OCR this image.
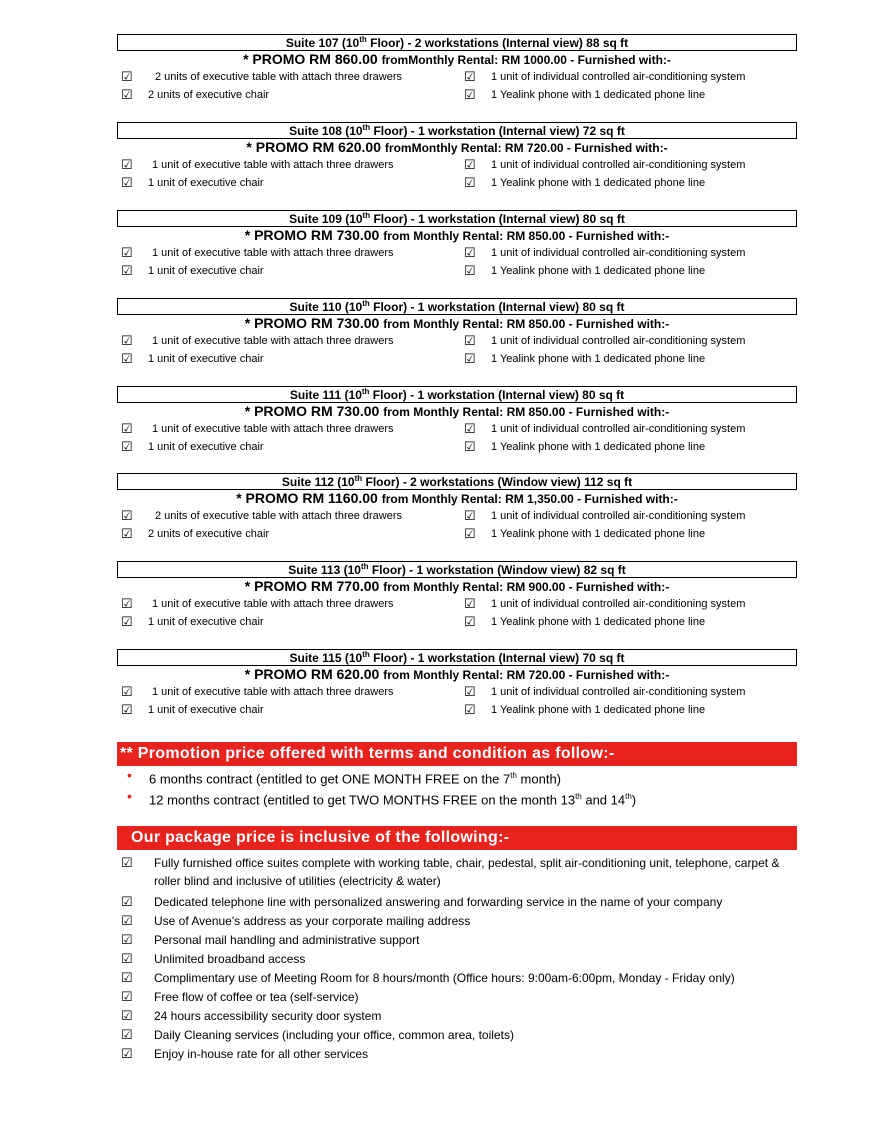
Suite 107 (10th Floor) - 2 workstations (Internal view) 88 sq ft
* PROMO RM 860.00 fromMonthly Rental: RM 1000.00 - Furnished with:-
☑ 2 units of executive table with attach three drawers
☑ 2 units of executive chair
☑ 1 unit of individual controlled air-conditioning system
☑ 1 Yealink phone with 1 dedicated phone line
Suite 108 (10th Floor) - 1 workstation (Internal view) 72 sq ft
* PROMO RM 620.00 fromMonthly Rental: RM 720.00 - Furnished with:-
☑ 1 unit of executive table with attach three drawers
☑ 1 unit of executive chair
☑ 1 unit of individual controlled air-conditioning system
☑ 1 Yealink phone with 1 dedicated phone line
Suite 109 (10th Floor) - 1 workstation (Internal view) 80 sq ft
* PROMO RM 730.00 from Monthly Rental: RM 850.00 - Furnished with:-
☑ 1 unit of executive table with attach three drawers
☑ 1 unit of executive chair
☑ 1 unit of individual controlled air-conditioning system
☑ 1 Yealink phone with 1 dedicated phone line
Suite 110 (10th Floor) - 1 workstation (Internal view) 80 sq ft
* PROMO RM 730.00 from Monthly Rental: RM 850.00 - Furnished with:-
☑ 1 unit of executive table with attach three drawers
☑ 1 unit of executive chair
☑ 1 unit of individual controlled air-conditioning system
☑ 1 Yealink phone with 1 dedicated phone line
Suite 111 (10th Floor) - 1 workstation (Internal view) 80 sq ft
* PROMO RM 730.00 from Monthly Rental: RM 850.00 - Furnished with:-
☑ 1 unit of executive table with attach three drawers
☑ 1 unit of executive chair
☑ 1 unit of individual controlled air-conditioning system
☑ 1 Yealink phone with 1 dedicated phone line
Suite 112 (10th Floor) - 2 workstations (Window view) 112 sq ft
* PROMO RM 1160.00 from Monthly Rental: RM 1,350.00 - Furnished with:-
☑ 2 units of executive table with attach three drawers
☑ 2 units of executive chair
☑ 1 unit of individual controlled air-conditioning system
☑ 1 Yealink phone with 1 dedicated phone line
Suite 113 (10th Floor) - 1 workstation (Window view) 82 sq ft
* PROMO RM 770.00 from Monthly Rental: RM 900.00 - Furnished with:-
☑ 1 unit of executive table with attach three drawers
☑ 1 unit of executive chair
☑ 1 unit of individual controlled air-conditioning system
☑ 1 Yealink phone with 1 dedicated phone line
Suite 115 (10th Floor) - 1 workstation (Internal view) 70 sq ft
* PROMO RM 620.00 from Monthly Rental: RM 720.00 - Furnished with:-
☑ 1 unit of executive table with attach three drawers
☑ 1 unit of executive chair
☑ 1 unit of individual controlled air-conditioning system
☑ 1 Yealink phone with 1 dedicated phone line
** Promotion price offered with terms and condition as follow:-
• 6 months contract (entitled to get ONE MONTH FREE on the 7th month)
• 12 months contract (entitled to get TWO MONTHS FREE on the month 13th and 14th)
Our package price is inclusive of the following:-
☑ Fully furnished office suites complete with working table, chair, pedestal, split air-conditioning unit, telephone, carpet & roller blind and inclusive of utilities (electricity & water)
☑ Dedicated telephone line with personalized answering and forwarding service in the name of your company
☑ Use of Avenue's address as your corporate mailing address
☑ Personal mail handling and administrative support
☑ Unlimited broadband access
☑ Complimentary use of Meeting Room for 8 hours/month (Office hours: 9:00am-6:00pm, Monday - Friday only)
☑ Free flow of coffee or tea (self-service)
☑ 24 hours accessibility security door system
☑ Daily Cleaning services (including your office, common area, toilets)
☑ Enjoy in-house rate for all other services
